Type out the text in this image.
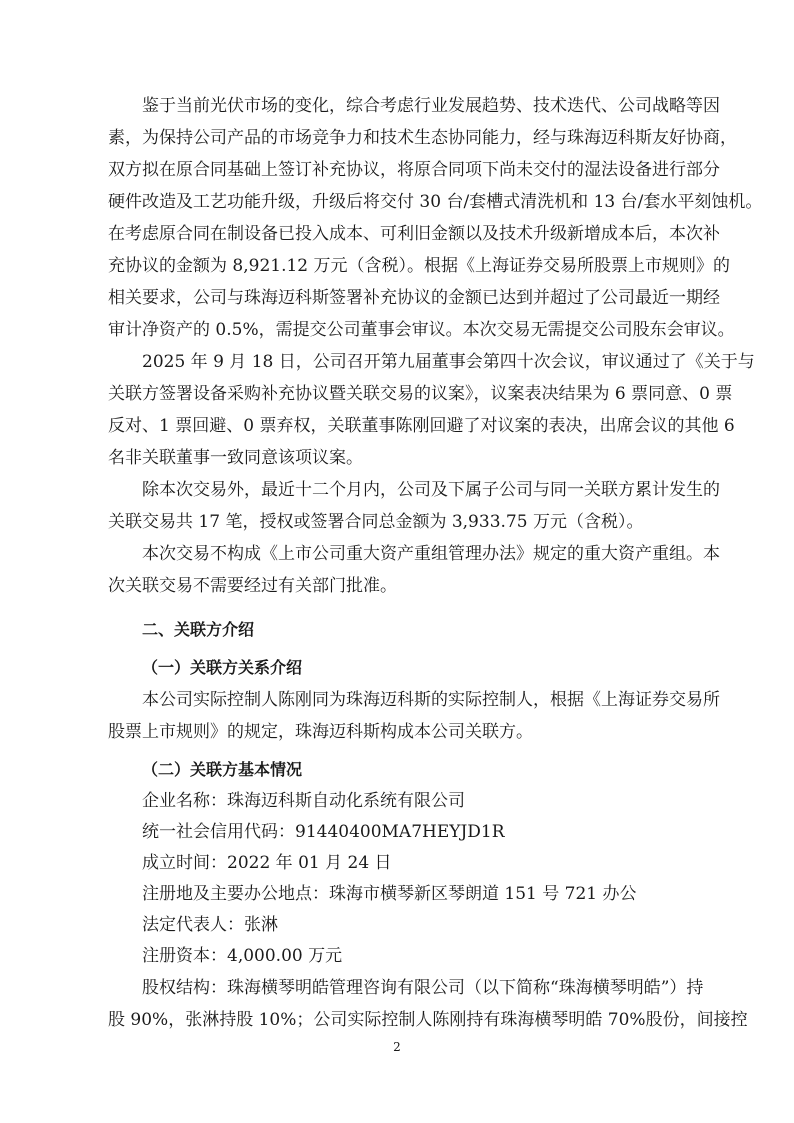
鉴于当前光伏市场的变化，综合考虑行业发展趋势、技术迭代、公司战略等因
素，为保持公司产品的市场竞争力和技术生态协同能力，经与珠海迈科斯友好协商，
双方拟在原合同基础上签订补充协议，将原合同项下尚未交付的湿法设备进行部分
硬件改造及工艺功能升级，升级后将交付 30 台/套槽式清洗机和 13 台/套水平刻蚀机。
在考虑原合同在制设备已投入成本、可利旧金额以及技术升级新增成本后，本次补
充协议的金额为 8,921.12 万元（含税）。根据《上海证券交易所股票上市规则》的
相关要求，公司与珠海迈科斯签署补充协议的金额已达到并超过了公司最近一期经
审计净资产的 0.5%，需提交公司董事会审议。本次交易无需提交公司股东会审议。
2025 年 9 月 18 日，公司召开第九届董事会第四十次会议，审议通过了《关于与
关联方签署设备采购补充协议暨关联交易的议案》，议案表决结果为 6 票同意、0 票
反对、1 票回避、0 票弃权，关联董事陈刚回避了对议案的表决，出席会议的其他 6
名非关联董事一致同意该项议案。
除本次交易外，最近十二个月内，公司及下属子公司与同一关联方累计发生的
关联交易共 17 笔，授权或签署合同总金额为 3,933.75 万元（含税）。
本次交易不构成《上市公司重大资产重组管理办法》规定的重大资产重组。本
次关联交易不需要经过有关部门批准。
二、关联方介绍
（一）关联方关系介绍
本公司实际控制人陈刚同为珠海迈科斯的实际控制人，根据《上海证券交易所
股票上市规则》的规定，珠海迈科斯构成本公司关联方。
（二）关联方基本情况
企业名称：珠海迈科斯自动化系统有限公司
统一社会信用代码：91440400MA7HEYJD1R
成立时间：2022 年 01 月 24 日
注册地及主要办公地点：珠海市横琴新区琴朗道 151 号 721 办公
法定代表人：张淋
注册资本：4,000.00 万元
股权结构：珠海横琴明皓管理咨询有限公司（以下简称“珠海横琴明皓”）持
股 90%，张淋持股 10%；公司实际控制人陈刚持有珠海横琴明皓 70%股份，间接控
2
